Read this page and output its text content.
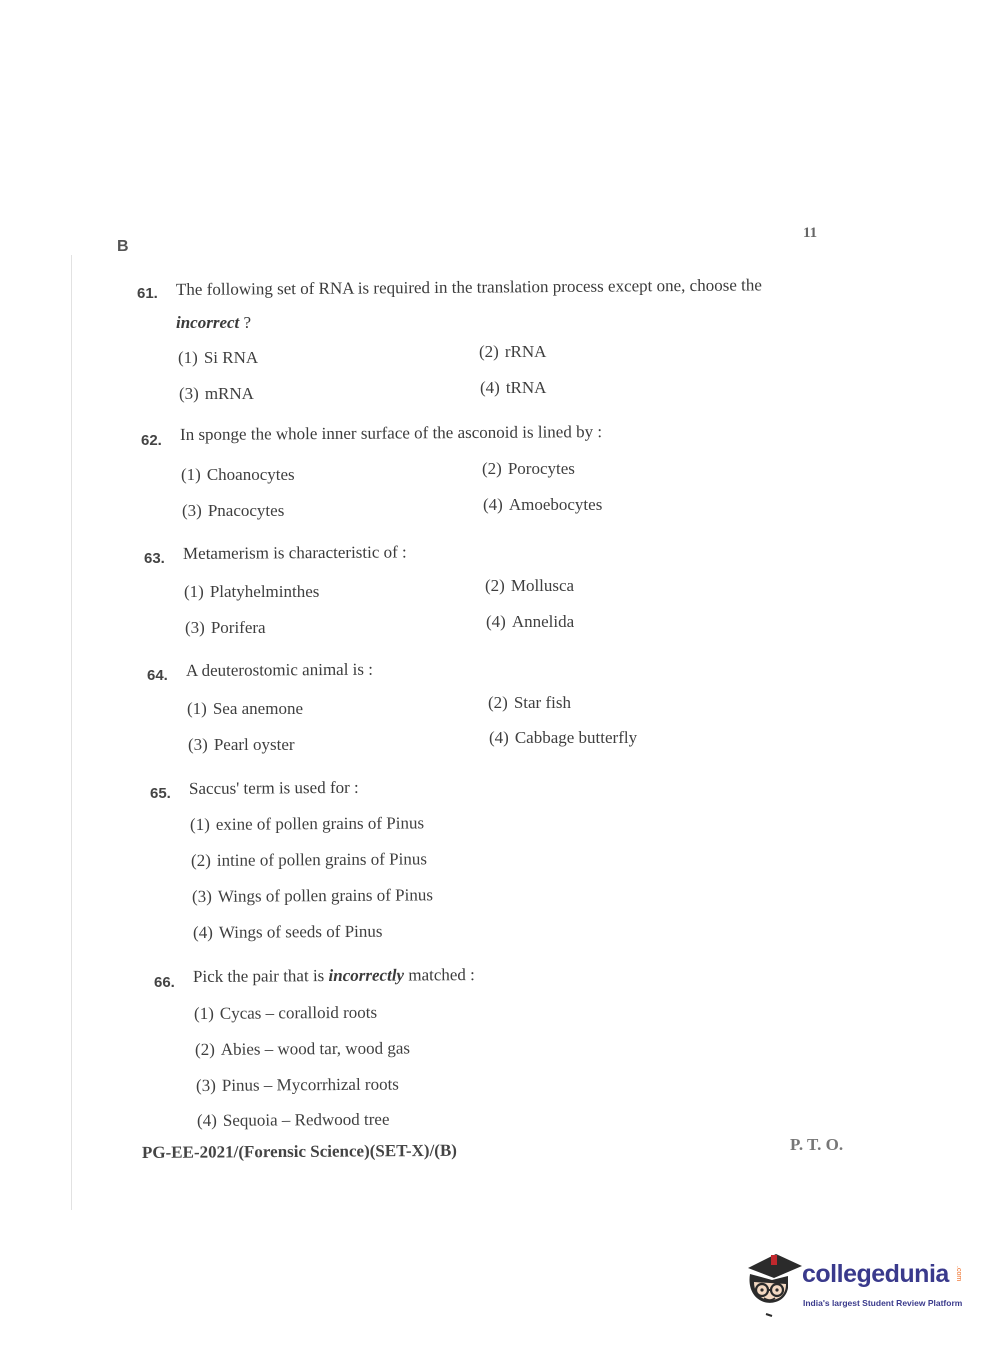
B
11
61. The following set of RNA is required in the translation process except one, choose the
incorrect ?
(1) Si RNA	(2) rRNA
(3) mRNA	(4) tRNA
62. In sponge the whole inner surface of the asconoid is lined by :
(1) Choanocytes	(2) Porocytes
(3) Pnacocytes	(4) Amoebocytes
63. Metamerism is characteristic of :
(1) Platyhelminthes	(2) Mollusca
(3) Porifera	(4) Annelida
64. A deuterostomic animal is :
(1) Sea anemone	(2) Star fish
(3) Pearl oyster	(4) Cabbage butterfly
65. Saccus' term is used for :
(1) exine of pollen grains of Pinus
(2) intine of pollen grains of Pinus
(3) Wings of pollen grains of Pinus
(4) Wings of seeds of Pinus
66. Pick the pair that is incorrectly matched :
(1) Cycas – coralloid roots
(2) Abies – wood tar, wood gas
(3) Pinus – Mycorrhizal roots
(4) Sequoia – Redwood tree
PG-EE-2021/(Forensic Science)(SET-X)/(B)	P. T. O.
collegedunia .com
India's largest Student Review Platform
